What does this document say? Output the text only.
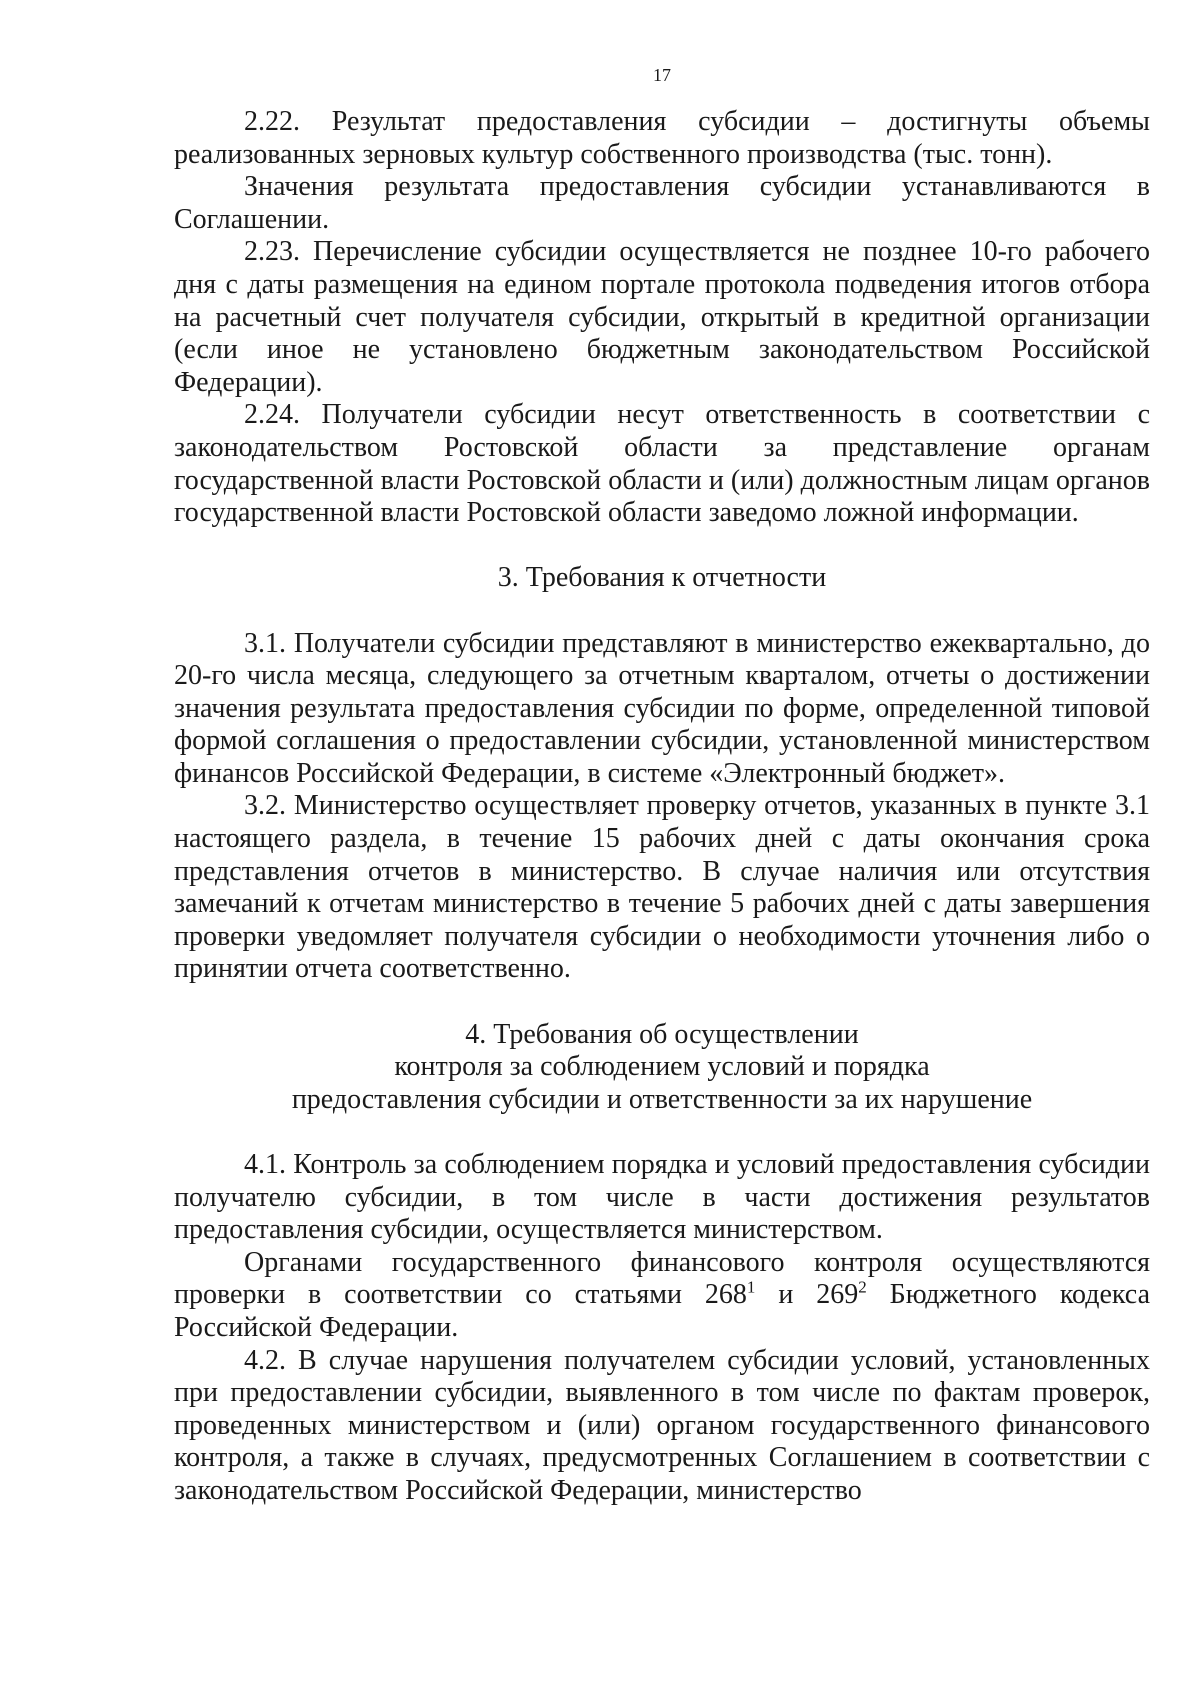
17

2.22. Результат предоставления субсидии – достигнуты объемы реализованных зерновых культур собственного производства (тыс. тонн).

Значения результата предоставления субсидии устанавливаются в Соглашении.

2.23. Перечисление субсидии осуществляется не позднее 10-го рабочего дня с даты размещения на едином портале протокола подведения итогов отбора на расчетный счет получателя субсидии, открытый в кредитной организации (если иное не установлено бюджетным законодательством Российской Федерации).

2.24. Получатели субсидии несут ответственность в соответствии с законодательством Ростовской области за представление органам государственной власти Ростовской области и (или) должностным лицам органов государственной власти Ростовской области заведомо ложной информации.

3. Требования к отчетности

3.1. Получатели субсидии представляют в министерство ежеквартально, до 20-го числа месяца, следующего за отчетным кварталом, отчеты о достижении значения результата предоставления субсидии по форме, определенной типовой формой соглашения о предоставлении субсидии, установленной министерством финансов Российской Федерации, в системе «Электронный бюджет».

3.2. Министерство осуществляет проверку отчетов, указанных в пункте 3.1 настоящего раздела, в течение 15 рабочих дней с даты окончания срока представления отчетов в министерство. В случае наличия или отсутствия замечаний к отчетам министерство в течение 5 рабочих дней с даты завершения проверки уведомляет получателя субсидии о необходимости уточнения либо о принятии отчета соответственно.

4. Требования об осуществлении

контроля за соблюдением условий и порядка

предоставления субсидии и ответственности за их нарушение

4.1. Контроль за соблюдением порядка и условий предоставления субсидии получателю субсидии, в том числе в части достижения результатов предоставления субсидии, осуществляется министерством.

Органами государственного финансового контроля осуществляются проверки в соответствии со статьями $268^1$ и $269^2$ Бюджетного кодекса Российской Федерации.

4.2. В случае нарушения получателем субсидии условий, установленных при предоставлении субсидии, выявленного в том числе по фактам проверок, проведенных министерством и (или) органом государственного финансового контроля, а также в случаях, предусмотренных Соглашением в соответствии с законодательством Российской Федерации, министерство
